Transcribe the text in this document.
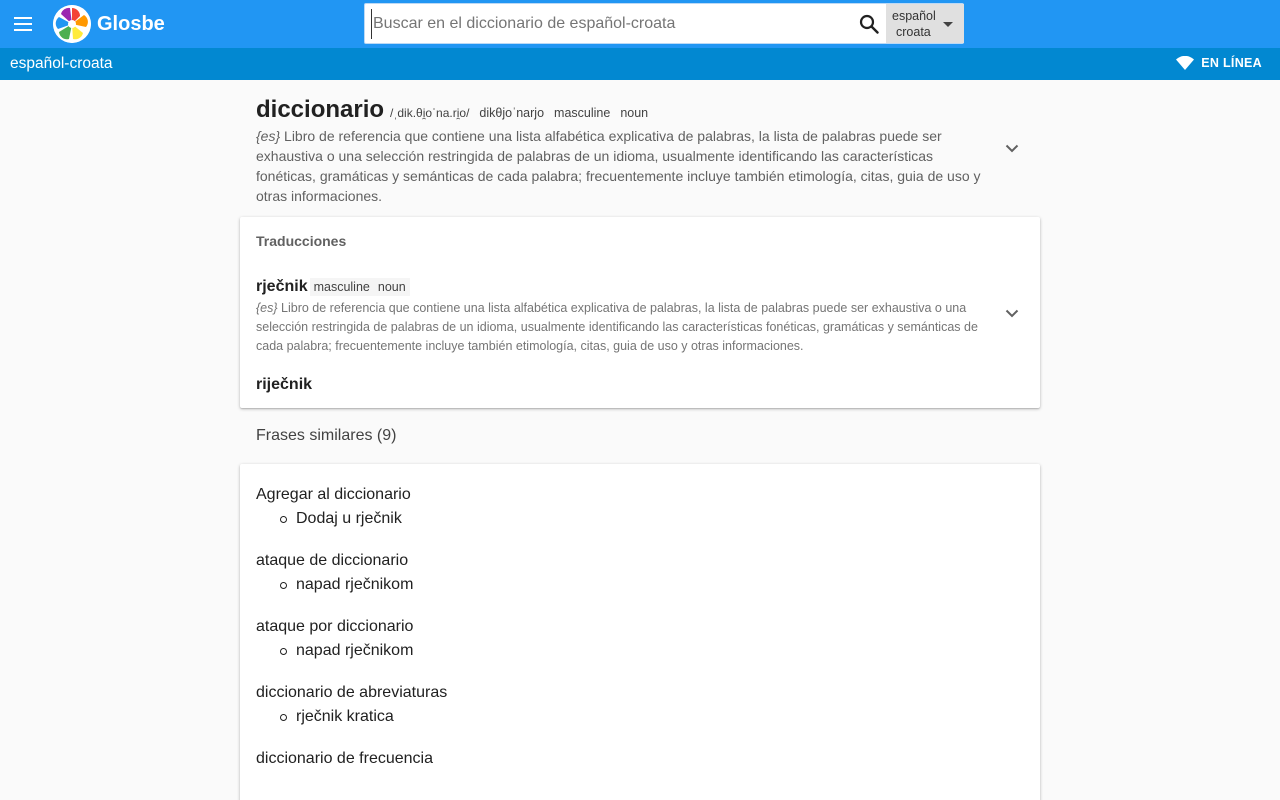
Glosbe
Buscar en el diccionario de español-croata	español
croata
español-croata	EN LÍNEA
diccionario /ˌdik.θi̯oˈna.ri̯o/ dikθjoˈnarjo masculine noun
{es} Libro de referencia que contiene una lista alfabética explicativa de palabras, la lista de palabras puede ser exhaustiva o una selección restringida de palabras de un idioma, usualmente identificando las características fonéticas, gramáticas y semánticas de cada palabra; frecuentemente incluye también etimología, citas, guia de uso y otras informaciones.
Traducciones
rječnik masculine noun
{es} Libro de referencia que contiene una lista alfabética explicativa de palabras, la lista de palabras puede ser exhaustiva o una selección restringida de palabras de un idioma, usualmente identificando las características fonéticas, gramáticas y semánticas de cada palabra; frecuentemente incluye también etimología, citas, guia de uso y otras informaciones.
riječnik
Frases similares (9)
Agregar al diccionario
Dodaj u rječnik
ataque de diccionario
napad rječnikom
ataque por diccionario
napad rječnikom
diccionario de abreviaturas
rječnik kratica
diccionario de frecuencia
